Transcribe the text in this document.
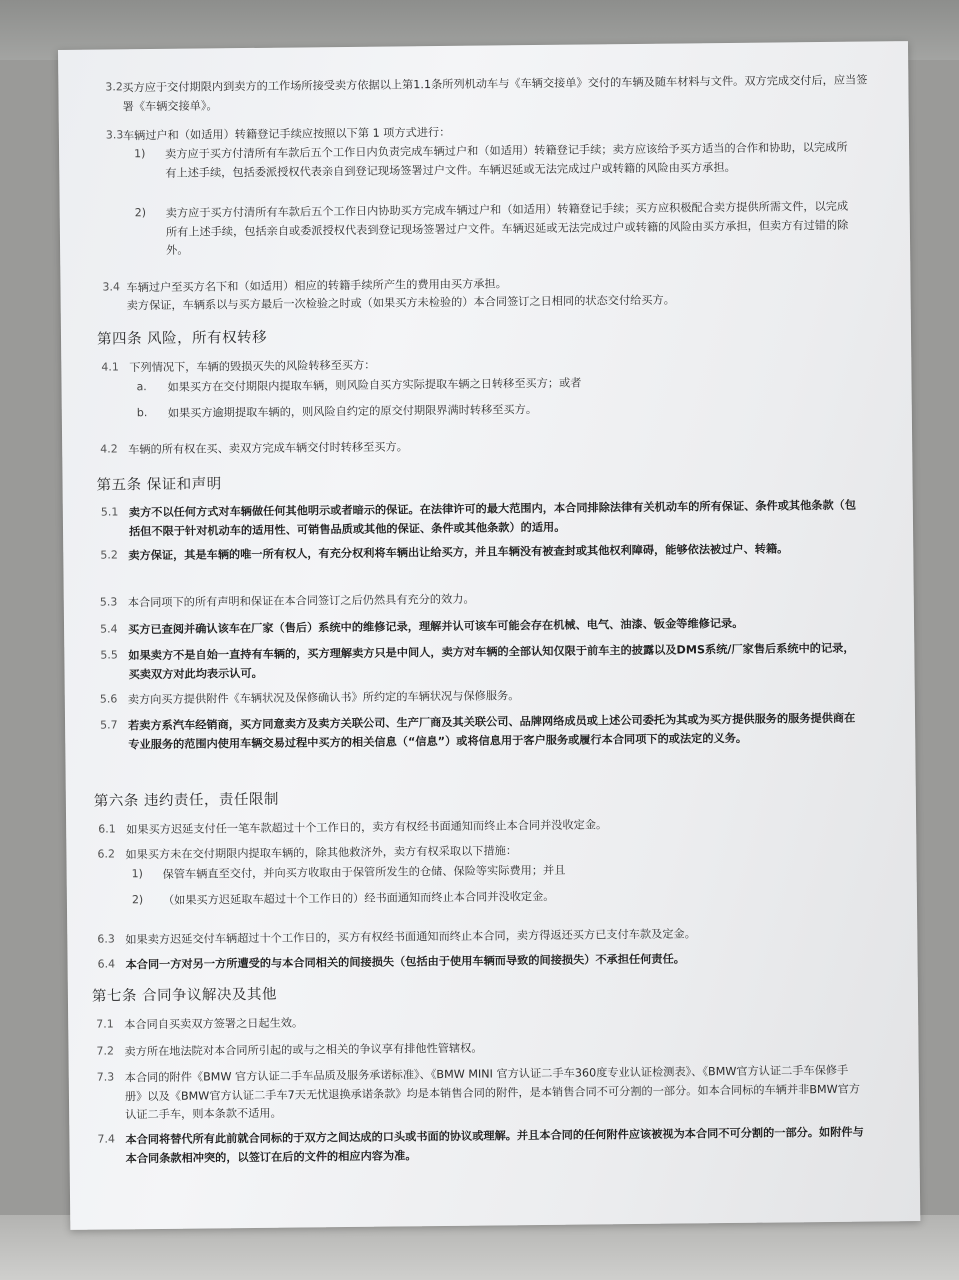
3.2 买方应于交付期限内到卖方的工作场所接受卖方依据以上第1.1条所列机动车与《车辆交接单》交付的车辆及随车材料与文件。双方完成交付后，应当签署《车辆交接单》。
3.3 车辆过户和（如适用）转籍登记手续应按照以下第 1 项方式进行：
1) 卖方应于买方付清所有车款后五个工作日内负责完成车辆过户和（如适用）转籍登记手续；卖方应该给予买方适当的合作和协助，以完成所有上述手续，包括委派授权代表亲自到登记现场签署过户文件。车辆迟延或无法完成过户或转籍的风险由买方承担。
2) 卖方应于买方付清所有车款后五个工作日内协助买方完成车辆过户和（如适用）转籍登记手续；买方应积极配合卖方提供所需文件，以完成所有上述手续，包括亲自或委派授权代表到登记现场签署过户文件。车辆迟延或无法完成过户或转籍的风险由买方承担，但卖方有过错的除外。
3.4 车辆过户至买方名下和（如适用）相应的转籍手续所产生的费用由买方承担。
卖方保证，车辆系以与买方最后一次检验之时或（如果买方未检验的）本合同签订之日相同的状态交付给买方。
第四条 风险，所有权转移
4.1 下列情况下，车辆的毁损灭失的风险转移至买方：
a. 如果买方在交付期限内提取车辆，则风险自买方实际提取车辆之日转移至买方；或者
b. 如果买方逾期提取车辆的，则风险自约定的原交付期限界满时转移至买方。
4.2 车辆的所有权在买、卖双方完成车辆交付时转移至买方。
第五条 保证和声明
5.1 卖方不以任何方式对车辆做任何其他明示或者暗示的保证。在法律许可的最大范围内，本合同排除法律有关机动车的所有保证、条件或其他条款（包括但不限于针对机动车的适用性、可销售品质或其他的保证、条件或其他条款）的适用。
5.2 卖方保证，其是车辆的唯一所有权人，有充分权利将车辆出让给买方，并且车辆没有被查封或其他权利障碍，能够依法被过户、转籍。
5.3 本合同项下的所有声明和保证在本合同签订之后仍然具有充分的效力。
5.4 买方已查阅并确认该车在厂家（售后）系统中的维修记录，理解并认可该车可能会存在机械、电气、油漆、钣金等维修记录。
5.5 如果卖方不是自始一直持有车辆的，买方理解卖方只是中间人，卖方对车辆的全部认知仅限于前车主的披露以及DMS系统/厂家售后系统中的记录，买卖双方对此均表示认可。
5.6 卖方向买方提供附件《车辆状况及保修确认书》所约定的车辆状况与保修服务。
5.7 若卖方系汽车经销商，买方同意卖方及卖方关联公司、生产厂商及其关联公司、品牌网络成员或上述公司委托为其或为买方提供服务的服务提供商在专业服务的范围内使用车辆交易过程中买方的相关信息（“信息”）或将信息用于客户服务或履行本合同项下的或法定的义务。
第六条 违约责任，责任限制
6.1 如果买方迟延支付任一笔车款超过十个工作日的，卖方有权经书面通知而终止本合同并没收定金。
6.2 如果买方未在交付期限内提取车辆的，除其他救济外，卖方有权采取以下措施：
1) 保管车辆直至交付，并向买方收取由于保管所发生的仓储、保险等实际费用；并且
2) （如果买方迟延取车超过十个工作日的）经书面通知而终止本合同并没收定金。
6.3 如果卖方迟延交付车辆超过十个工作日的，买方有权经书面通知而终止本合同，卖方得返还买方已支付车款及定金。
6.4 本合同一方对另一方所遭受的与本合同相关的间接损失（包括由于使用车辆而导致的间接损失）不承担任何责任。
第七条 合同争议解决及其他
7.1 本合同自买卖双方签署之日起生效。
7.2 卖方所在地法院对本合同所引起的或与之相关的争议享有排他性管辖权。
7.3 本合同的附件《BMW 官方认证二手车品质及服务承诺标准》、《BMW MINI 官方认证二手车360度专业认证检测表》、《BMW官方认证二手车保修手册》以及《BMW官方认证二手车7天无忧退换承诺条款》均是本销售合同的附件，是本销售合同不可分割的一部分。如本合同标的车辆并非BMW官方认证二手车，则本条款不适用。
7.4 本合同将替代所有此前就合同标的于双方之间达成的口头或书面的协议或理解。并且本合同的任何附件应该被视为本合同不可分割的一部分。如附件与本合同条款相冲突的，以签订在后的文件的相应内容为准。
